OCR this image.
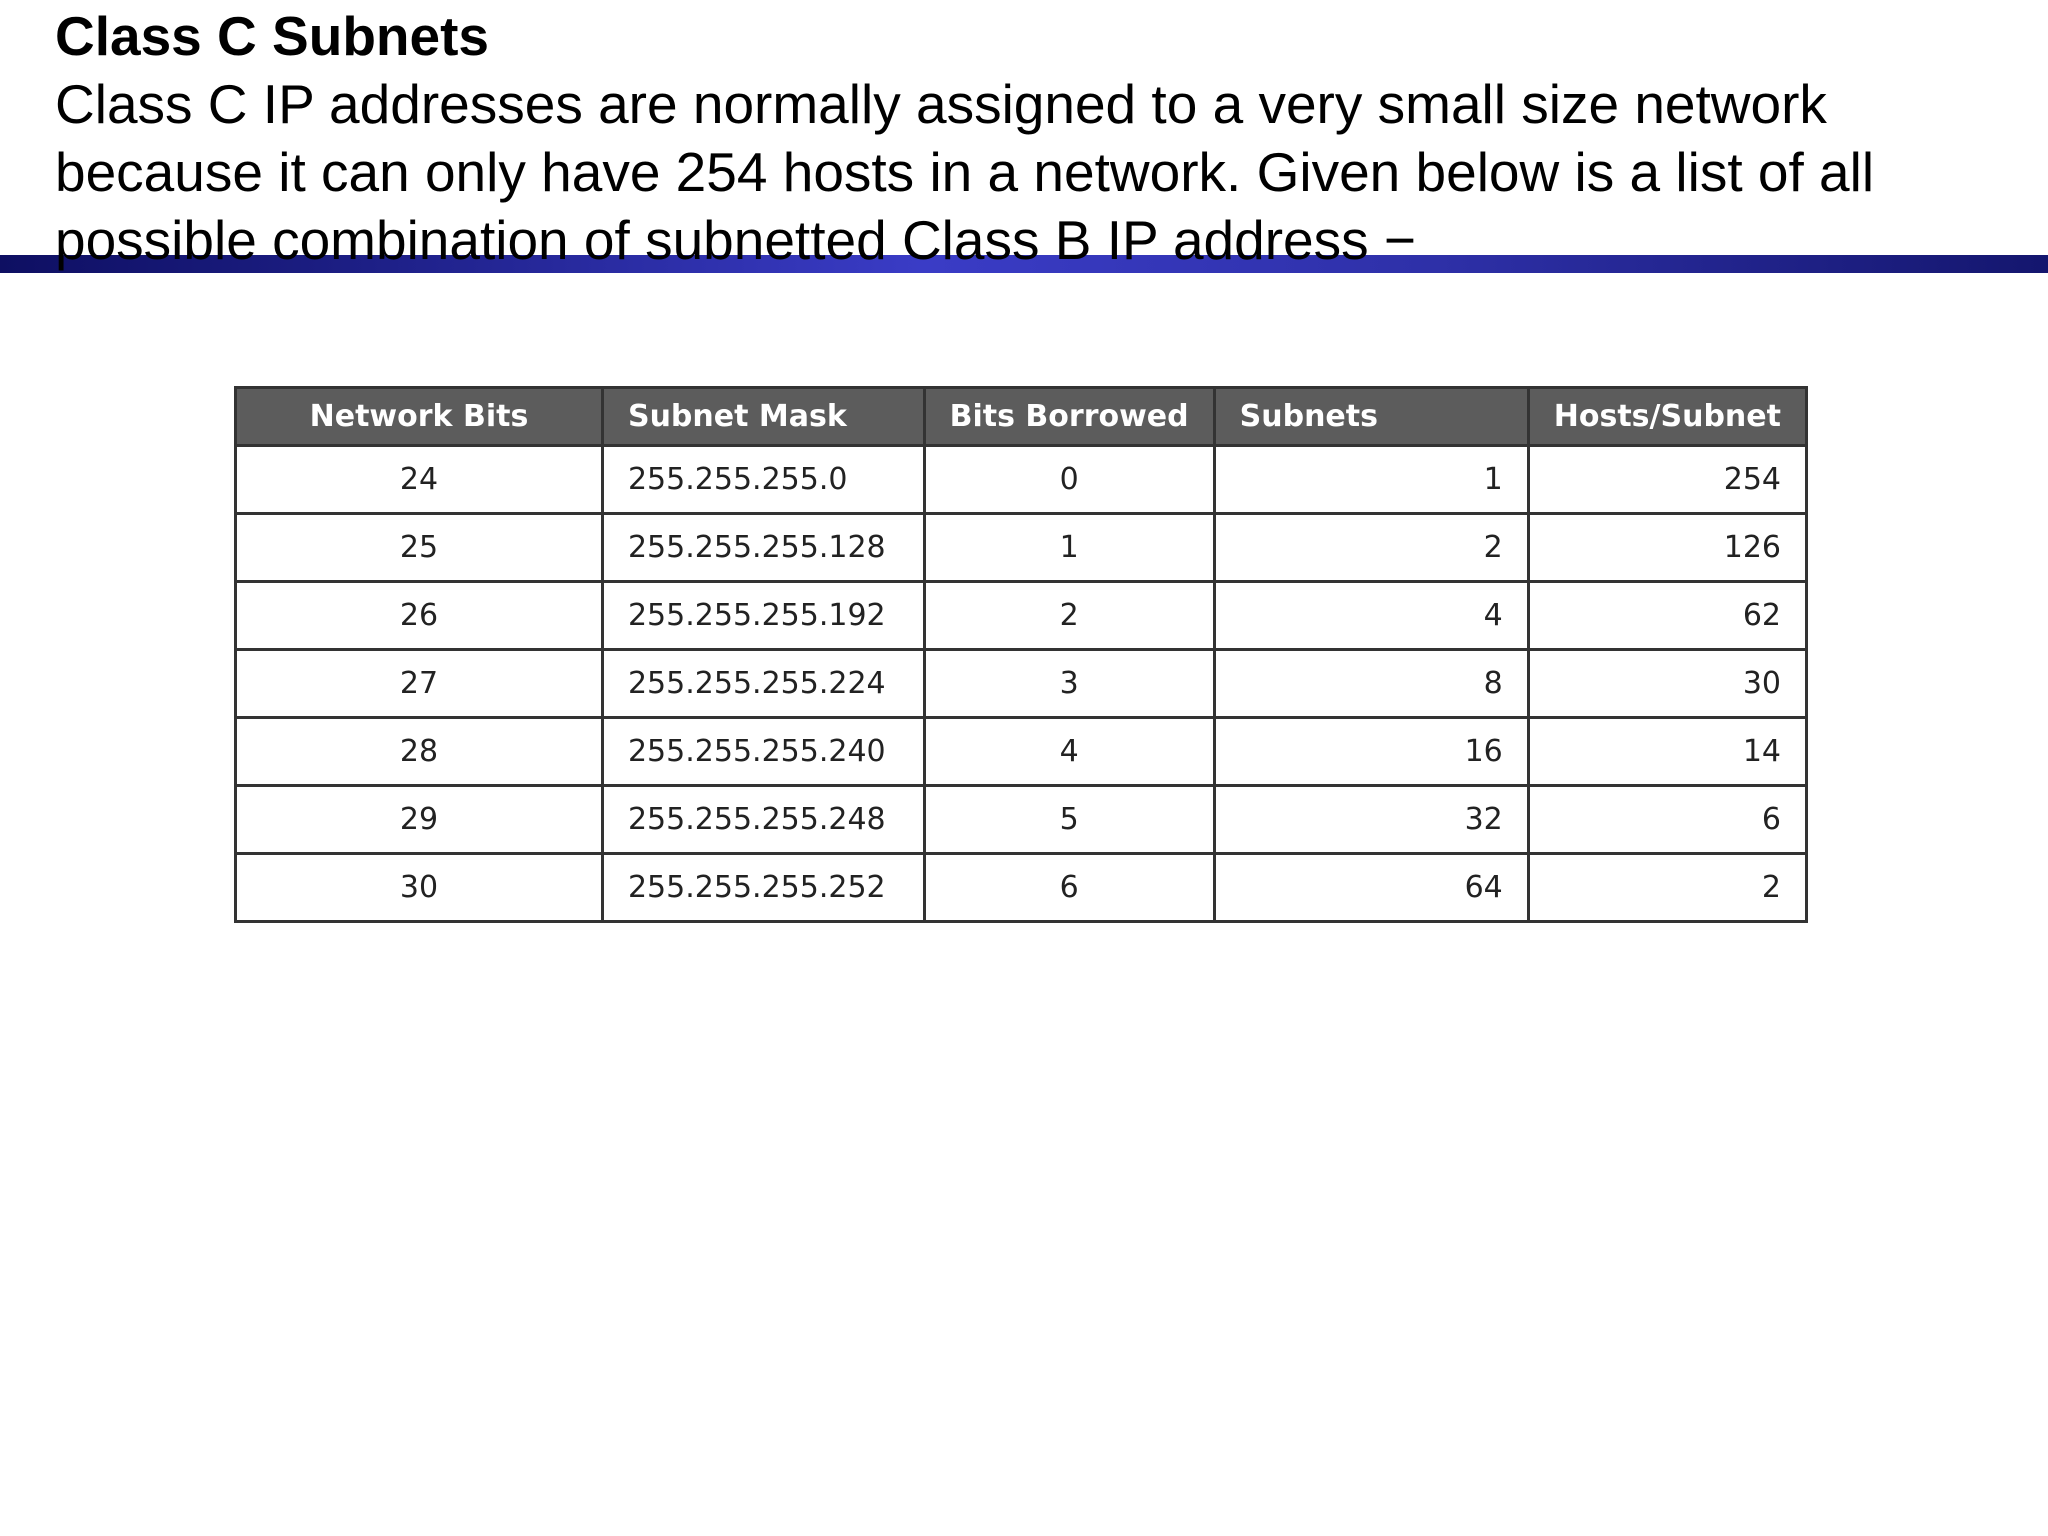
Class C Subnets

Class C IP addresses are normally assigned to a very small size network

because it can only have 254 hosts in a network. Given below is a list of all

possible combination of subnetted Class B IP address −

Network Bits	Subnet Mask	Bits Borrowed	Subnets	Hosts/Subnet
24	255.255.255.0	0	1	254
25	255.255.255.128	1	2	126
26	255.255.255.192	2	4	62
27	255.255.255.224	3	8	30
28	255.255.255.240	4	16	14
29	255.255.255.248	5	32	6
30	255.255.255.252	6	64	2
